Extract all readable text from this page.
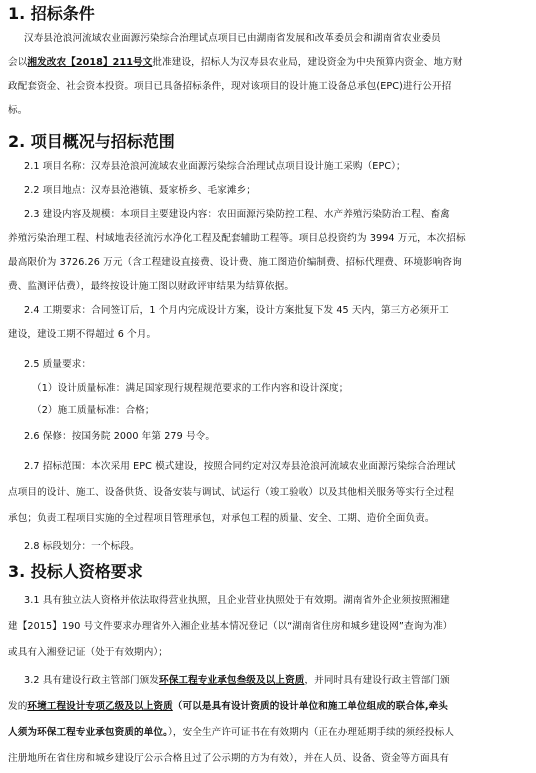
1. 招标条件
汉寿县沧浪河流域农业面源污染综合治理试点项目已由湖南省发展和改革委员会和湖南省农业委员
会以湘发改农【2018】211号文批准建设，招标人为汉寿县农业局，建设资金为中央预算内资金、地方财
政配套资金、社会资本投资。项目已具备招标条件，现对该项目的设计施工设备总承包(EPC)进行公开招
标。
2. 项目概况与招标范围
2.1 项目名称：汉寿县沧浪河流域农业面源污染综合治理试点项目设计施工采购（EPC）；
2.2 项目地点：汉寿县沧港镇、聂家桥乡、毛家滩乡；
2.3 建设内容及规模：本项目主要建设内容：农田面源污染防控工程、水产养殖污染防治工程、畜禽
养殖污染治理工程、村域地表径流污水净化工程及配套辅助工程等。项目总投资约为 3994 万元，本次招标
最高限价为 3726.26 万元（含工程建设直接费、设计费、施工图造价编制费、招标代理费、环境影响咨询
费、监测评估费），最终按设计施工图以财政评审结果为结算依据。
2.4 工期要求：合同签订后，1 个月内完成设计方案，设计方案批复下发 45 天内，第三方必须开工
建设，建设工期不得超过 6 个月。
2.5 质量要求：
（1）设计质量标准：满足国家现行规程规范要求的工作内容和设计深度；
（2）施工质量标准：合格；
2.6 保修：按国务院 2000 年第 279 号令。
2.7 招标范围：本次采用 EPC 模式建设，按照合同约定对汉寿县沧浪河流域农业面源污染综合治理试
点项目的设计、施工、设备供货、设备安装与调试、试运行（竣工验收）以及其他相关服务等实行全过程
承包；负责工程项目实施的全过程项目管理承包，对承包工程的质量、安全、工期、造价全面负责。
2.8 标段划分：一个标段。
3. 投标人资格要求
3.1 具有独立法人资格并依法取得营业执照，且企业营业执照处于有效期。湖南省外企业须按照湘建
建【2015】190 号文件要求办理省外入湘企业基本情况登记（以“湖南省住房和城乡建设网”查询为准）
或具有入湘登记证（处于有效期内）；
3.2 具有建设行政主管部门颁发环保工程专业承包叁级及以上资质，并同时具有建设行政主管部门颁
发的环境工程设计专项乙级及以上资质（可以是具有设计资质的设计单位和施工单位组成的联合体,牵头
人须为环保工程专业承包资质的单位。），安全生产许可证书在有效期内（正在办理延期手续的须经投标人
注册地所在省住房和城乡建设厅公示合格且过了公示期的方为有效），并在人员、设备、资金等方面具有
